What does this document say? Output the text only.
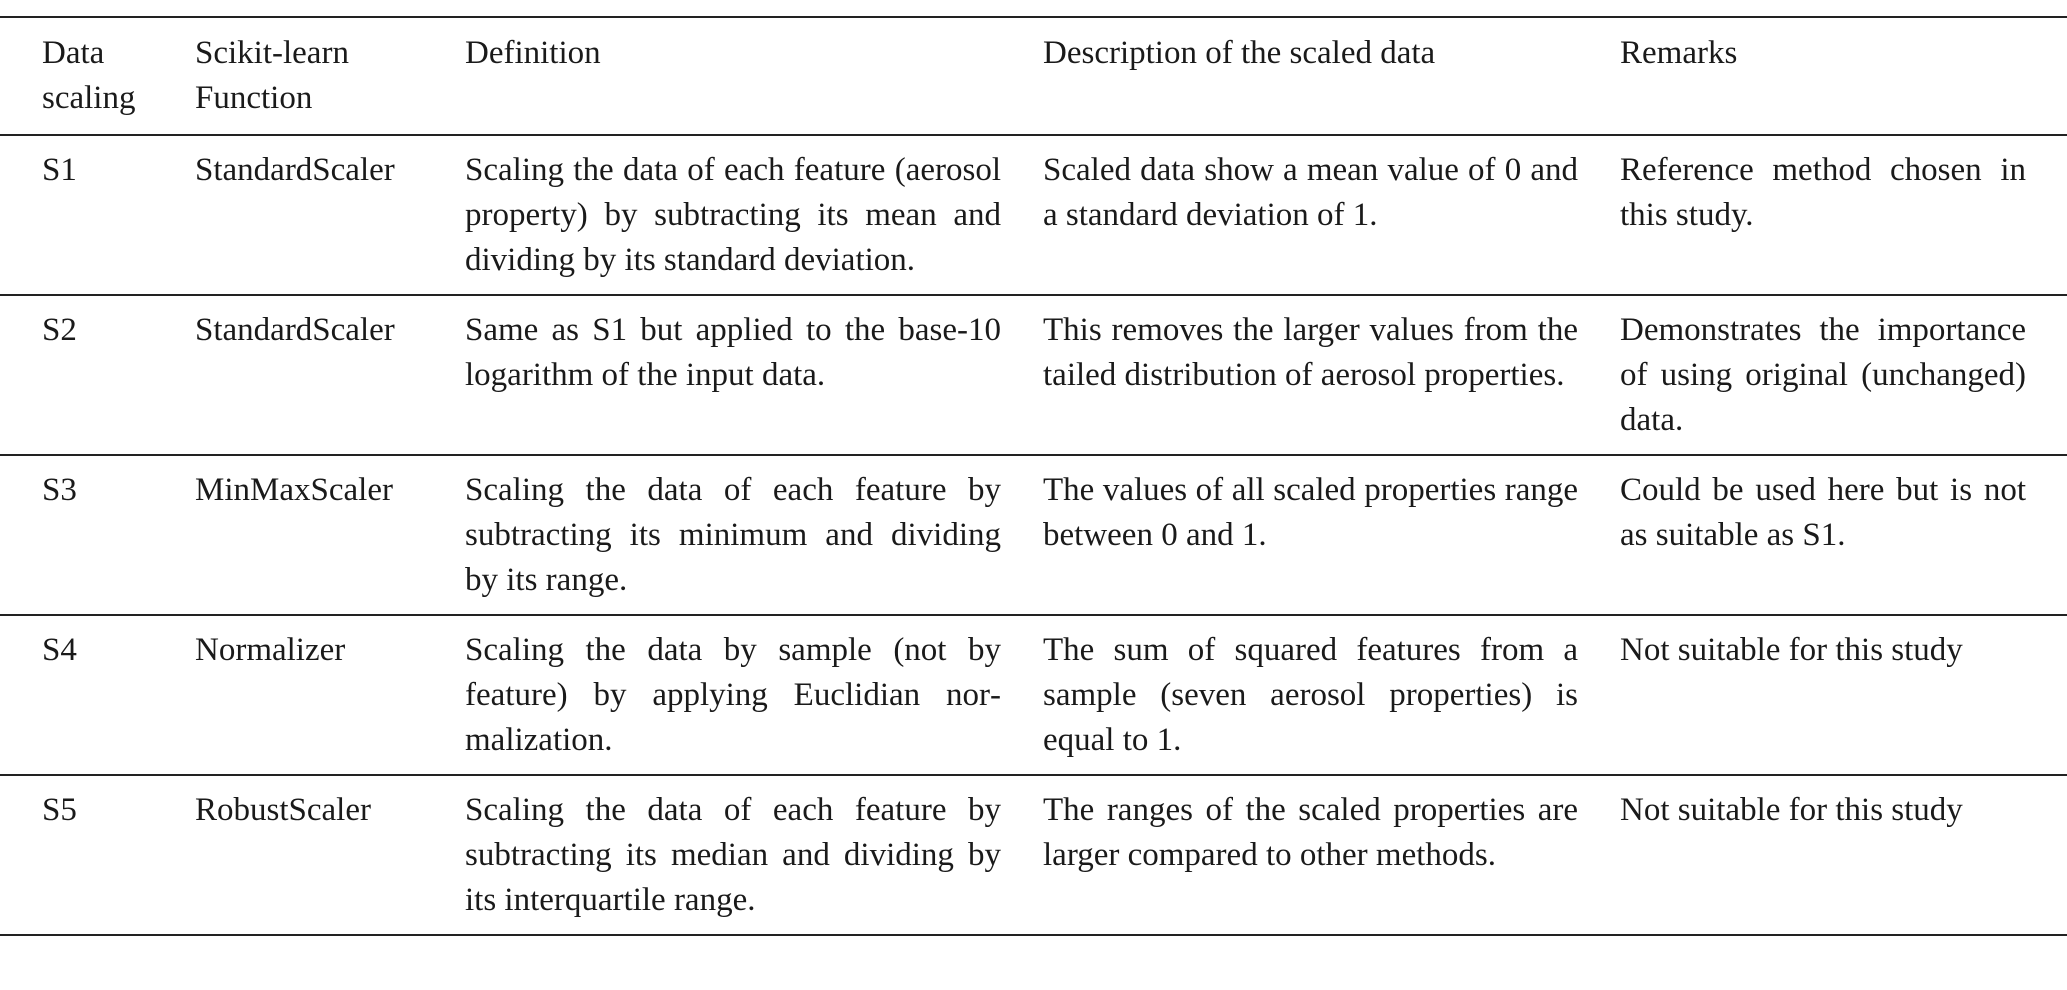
Data scaling	Scikit-learn Function	Definition	Description of the scaled data	Remarks
S1	StandardScaler	Scaling the data of each feature (aerosol property) by subtracting its mean and dividing by its standard deviation.	Scaled data show a mean value of 0 and a standard deviation of 1.	Reference method chosen in this study.
S2	StandardScaler	Same as S1 but applied to the base-10 logarithm of the input data.	This removes the larger values from the tailed distribution of aerosol properties.	Demonstrates the importance of using original (unchanged) data.
S3	MinMaxScaler	Scaling the data of each feature by subtracting its minimum and dividing by its range.	The values of all scaled properties range between 0 and 1.	Could be used here but is not as suitable as S1.
S4	Normalizer	Scaling the data by sample (not by feature) by applying Euclidian normalization.	The sum of squared features from a sample (seven aerosol properties) is equal to 1.	Not suitable for this study
S5	RobustScaler	Scaling the data of each feature by subtracting its median and dividing by its interquartile range.	The ranges of the scaled properties are larger compared to other methods.	Not suitable for this study
